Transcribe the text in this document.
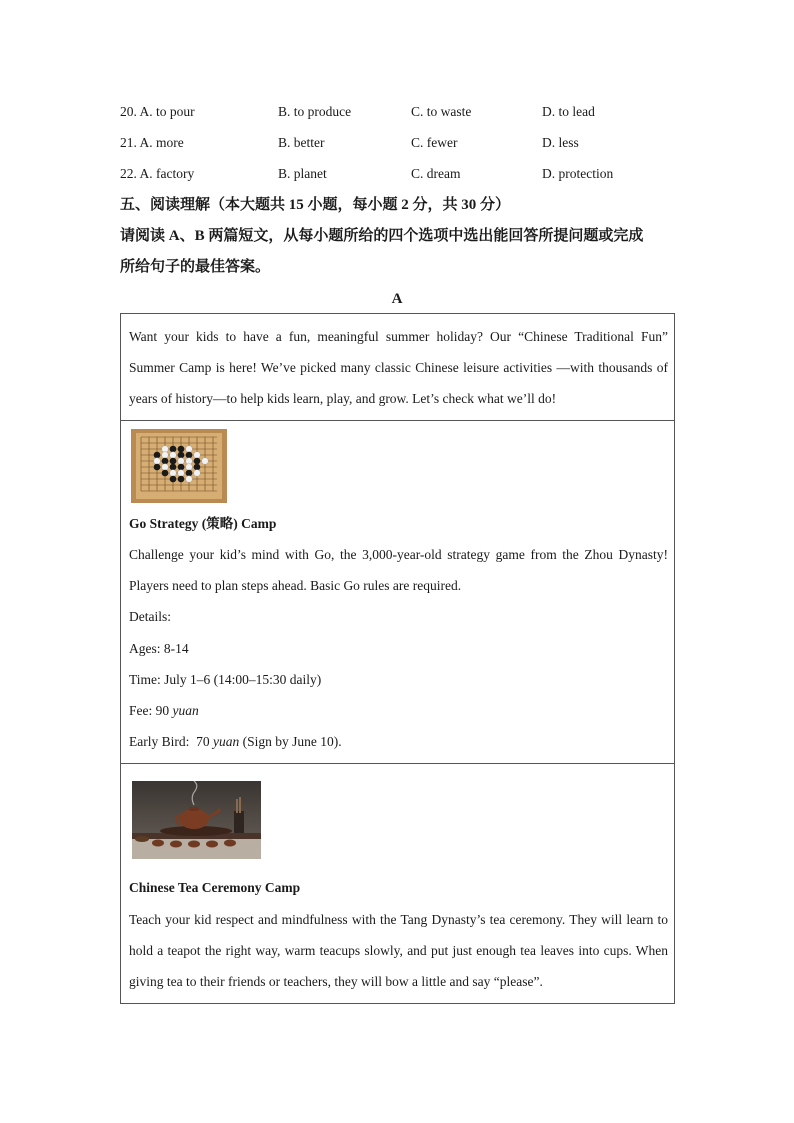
20. A. to pour	B. to produce	C. to waste	D. to lead
21. A. more	B. better	C. fewer	D. less
22. A. factory	B. planet	C. dream	D. protection
五、阅读理解（本大题共 15 小题，每小题 2 分，共 30 分）
请阅读 A、B 两篇短文，从每小题所给的四个选项中选出能回答所提问题或完成
所给句子的最佳答案。
A
Want your kids to have a fun, meaningful summer holiday? Our “Chinese Traditional Fun” Summer Camp is here! We’ve picked many classic Chinese leisure activities —with thousands of years of history—to help kids learn, play, and grow. Let’s check what we’ll do!
Go Strategy (策略) Camp
Challenge your kid’s mind with Go, the 3,000-year-old strategy game from the Zhou Dynasty! Players need to plan steps ahead. Basic Go rules are required.
Details:
Ages: 8-14
Time: July 1–6 (14:00–15:30 daily)
Fee: 90 yuan
Early Bird:  70 yuan (Sign by June 10).
Chinese Tea Ceremony Camp
Teach your kid respect and mindfulness with the Tang Dynasty’s tea ceremony. They will learn to hold a teapot the right way, warm teacups slowly, and put just enough tea leaves into cups. When giving tea to their friends or teachers, they will bow a little and say “please”.
